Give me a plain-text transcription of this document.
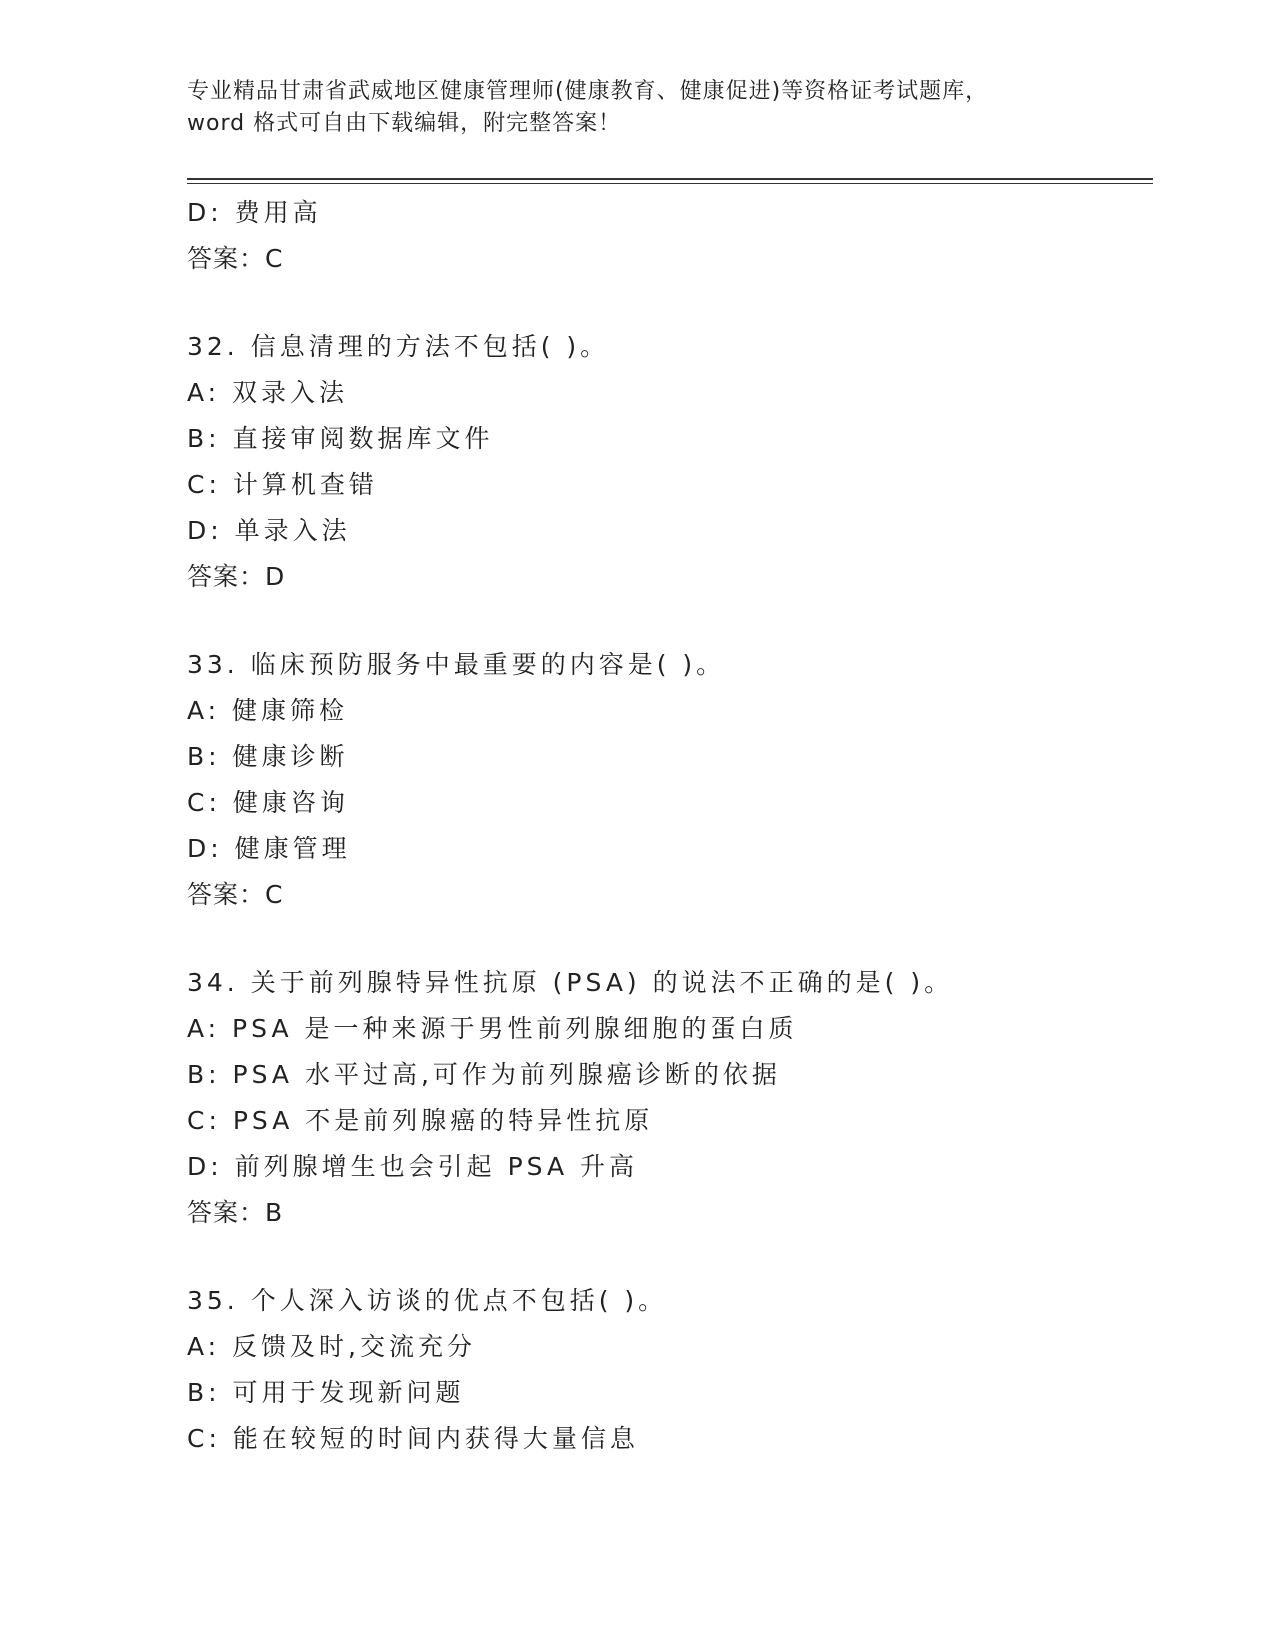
专业精品甘肃省武威地区健康管理师(健康教育、健康促进)等资格证考试题库，
word 格式可自由下载编辑，附完整答案！
D: 费用高
答案：C
32. 信息清理的方法不包括( )。
A: 双录入法
B: 直接审阅数据库文件
C: 计算机查错
D: 单录入法
答案：D
33. 临床预防服务中最重要的内容是( )。
A: 健康筛检
B: 健康诊断
C: 健康咨询
D: 健康管理
答案：C
34. 关于前列腺特异性抗原 (PSA) 的说法不正确的是( )。
A: PSA 是一种来源于男性前列腺细胞的蛋白质
B: PSA 水平过高,可作为前列腺癌诊断的依据
C: PSA 不是前列腺癌的特异性抗原
D: 前列腺增生也会引起 PSA 升高
答案：B
35. 个人深入访谈的优点不包括( )。
A: 反馈及时,交流充分
B: 可用于发现新问题
C: 能在较短的时间内获得大量信息
